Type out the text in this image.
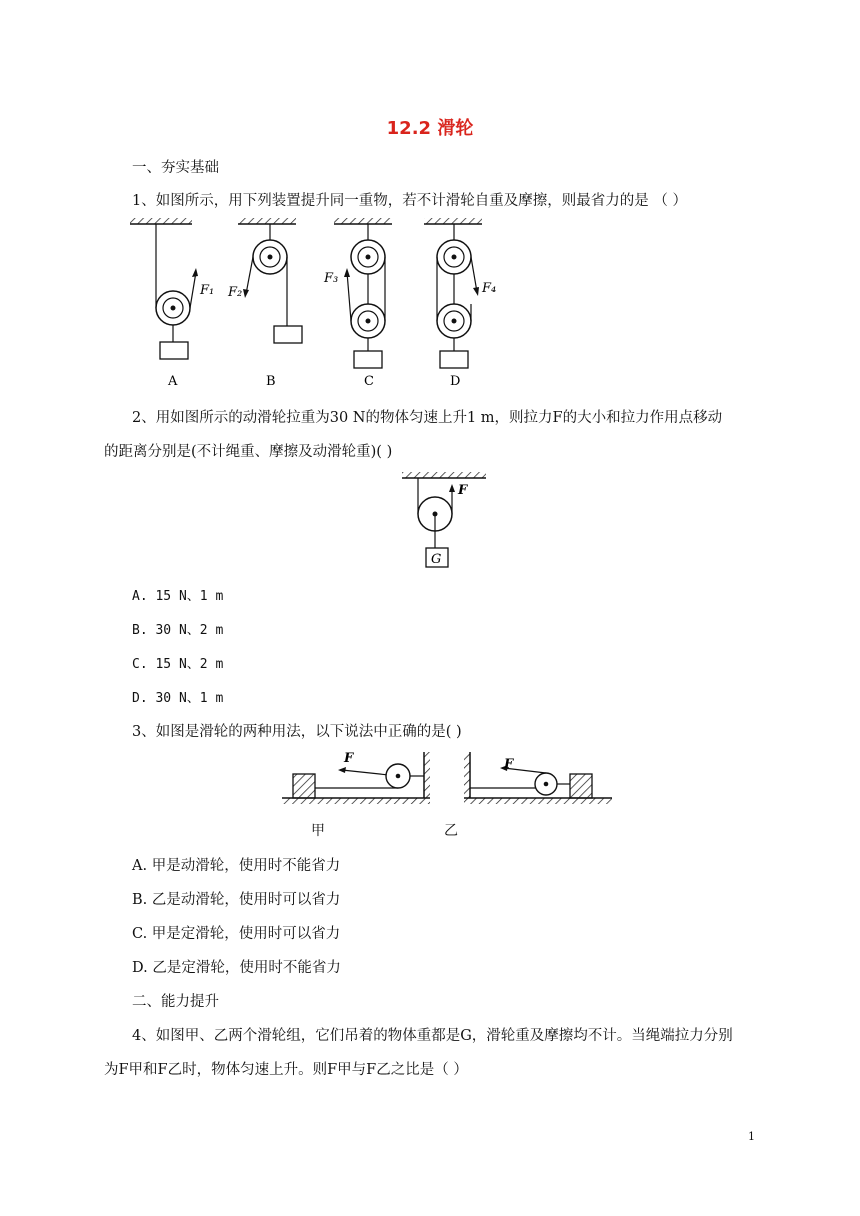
12.2 滑轮
一、夯实基础
1、如图所示，用下列装置提升同一重物，若不计滑轮自重及摩擦，则最省力的是 （ ）
F₁
A
F₂
B
F₃
C
F₄
D
2、用如图所示的动滑轮拉重为30 N的物体匀速上升1 m，则拉力F的大小和拉力作用点移动
的距离分别是(不计绳重、摩擦及动滑轮重)( )
F
G
A. 15 N、1 m
B. 30 N、2 m
C. 15 N、2 m
D. 30 N、1 m
3、如图是滑轮的两种用法，以下说法中正确的是( )
F	F
甲	乙
A. 甲是动滑轮，使用时不能省力
B. 乙是动滑轮，使用时可以省力
C. 甲是定滑轮，使用时可以省力
D. 乙是定滑轮，使用时不能省力
二、能力提升
4、如图甲、乙两个滑轮组，它们吊着的物体重都是G，滑轮重及摩擦均不计。当绳端拉力分别
为F甲和F乙时，物体匀速上升。则F甲与F乙之比是（ ）
1
